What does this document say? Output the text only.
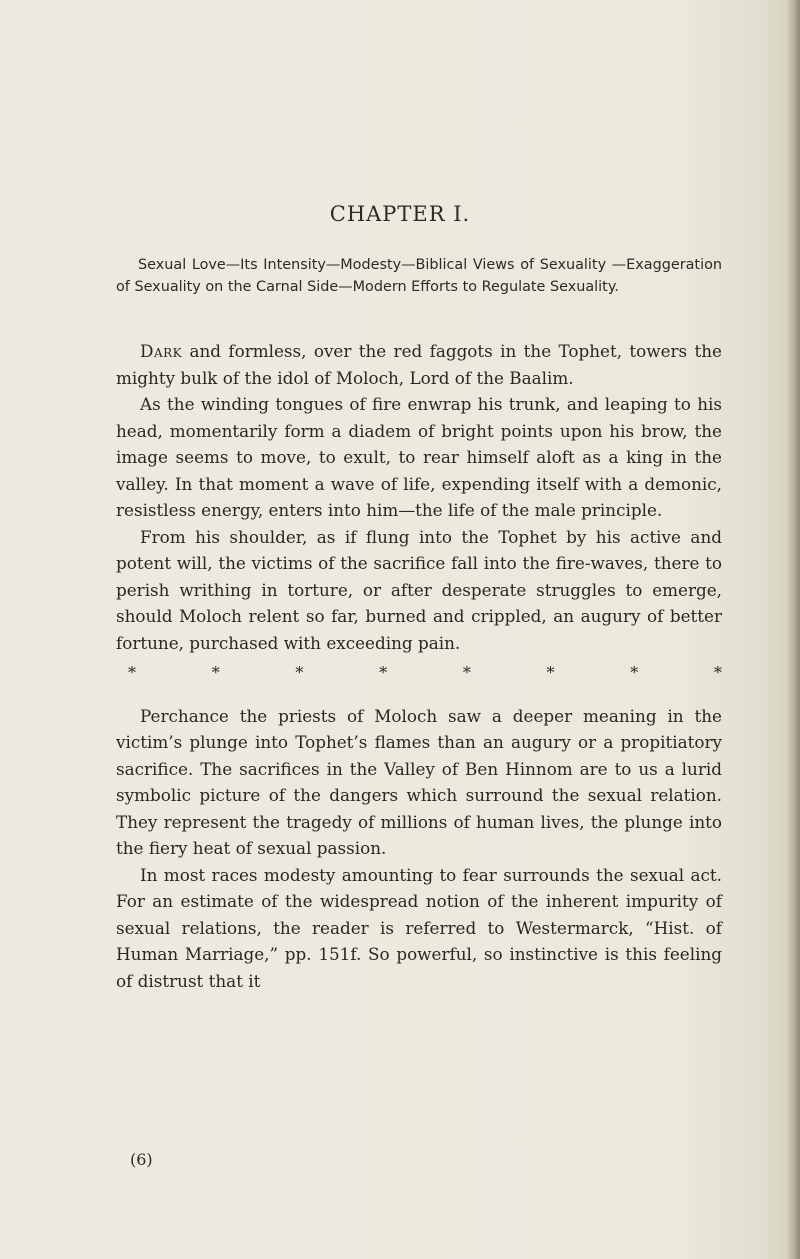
CHAPTER I.
Sexual Love—Its Intensity—Modesty—Biblical Views of Sexuality —Exaggeration of Sexuality on the Carnal Side—Modern Efforts to Regulate Sexuality.

Dark and formless, over the red faggots in the Tophet, towers the mighty bulk of the idol of Moloch, Lord of the Baalim.

As the winding tongues of fire enwrap his trunk, and leaping to his head, momentarily form a diadem of bright points upon his brow, the image seems to move, to exult, to rear himself aloft as a king in the valley. In that moment a wave of life, expending itself with a demonic, resistless energy, enters into him—the life of the male principle.

From his shoulder, as if flung into the Tophet by his active and potent will, the victims of the sacrifice fall into the fire-waves, there to perish writhing in torture, or after desperate struggles to emerge, should Moloch relent so far, burned and crippled, an augury of better fortune, purchased with exceeding pain.

*	*	*	*	*	*	*	*

Perchance the priests of Moloch saw a deeper meaning in the victim’s plunge into Tophet’s flames than an augury or a propitiatory sacrifice. The sacrifices in the Valley of Ben Hinnom are to us a lurid symbolic picture of the dangers which surround the sexual relation. They represent the tragedy of millions of human lives, the plunge into the fiery heat of sexual passion.

In most races modesty amounting to fear surrounds the sexual act. For an estimate of the widespread notion of the inherent impurity of sexual relations, the reader is referred to Westermarck, “Hist. of Human Marriage,” pp. 151f. So powerful, so instinctive is this feeling of distrust that it

(6)
